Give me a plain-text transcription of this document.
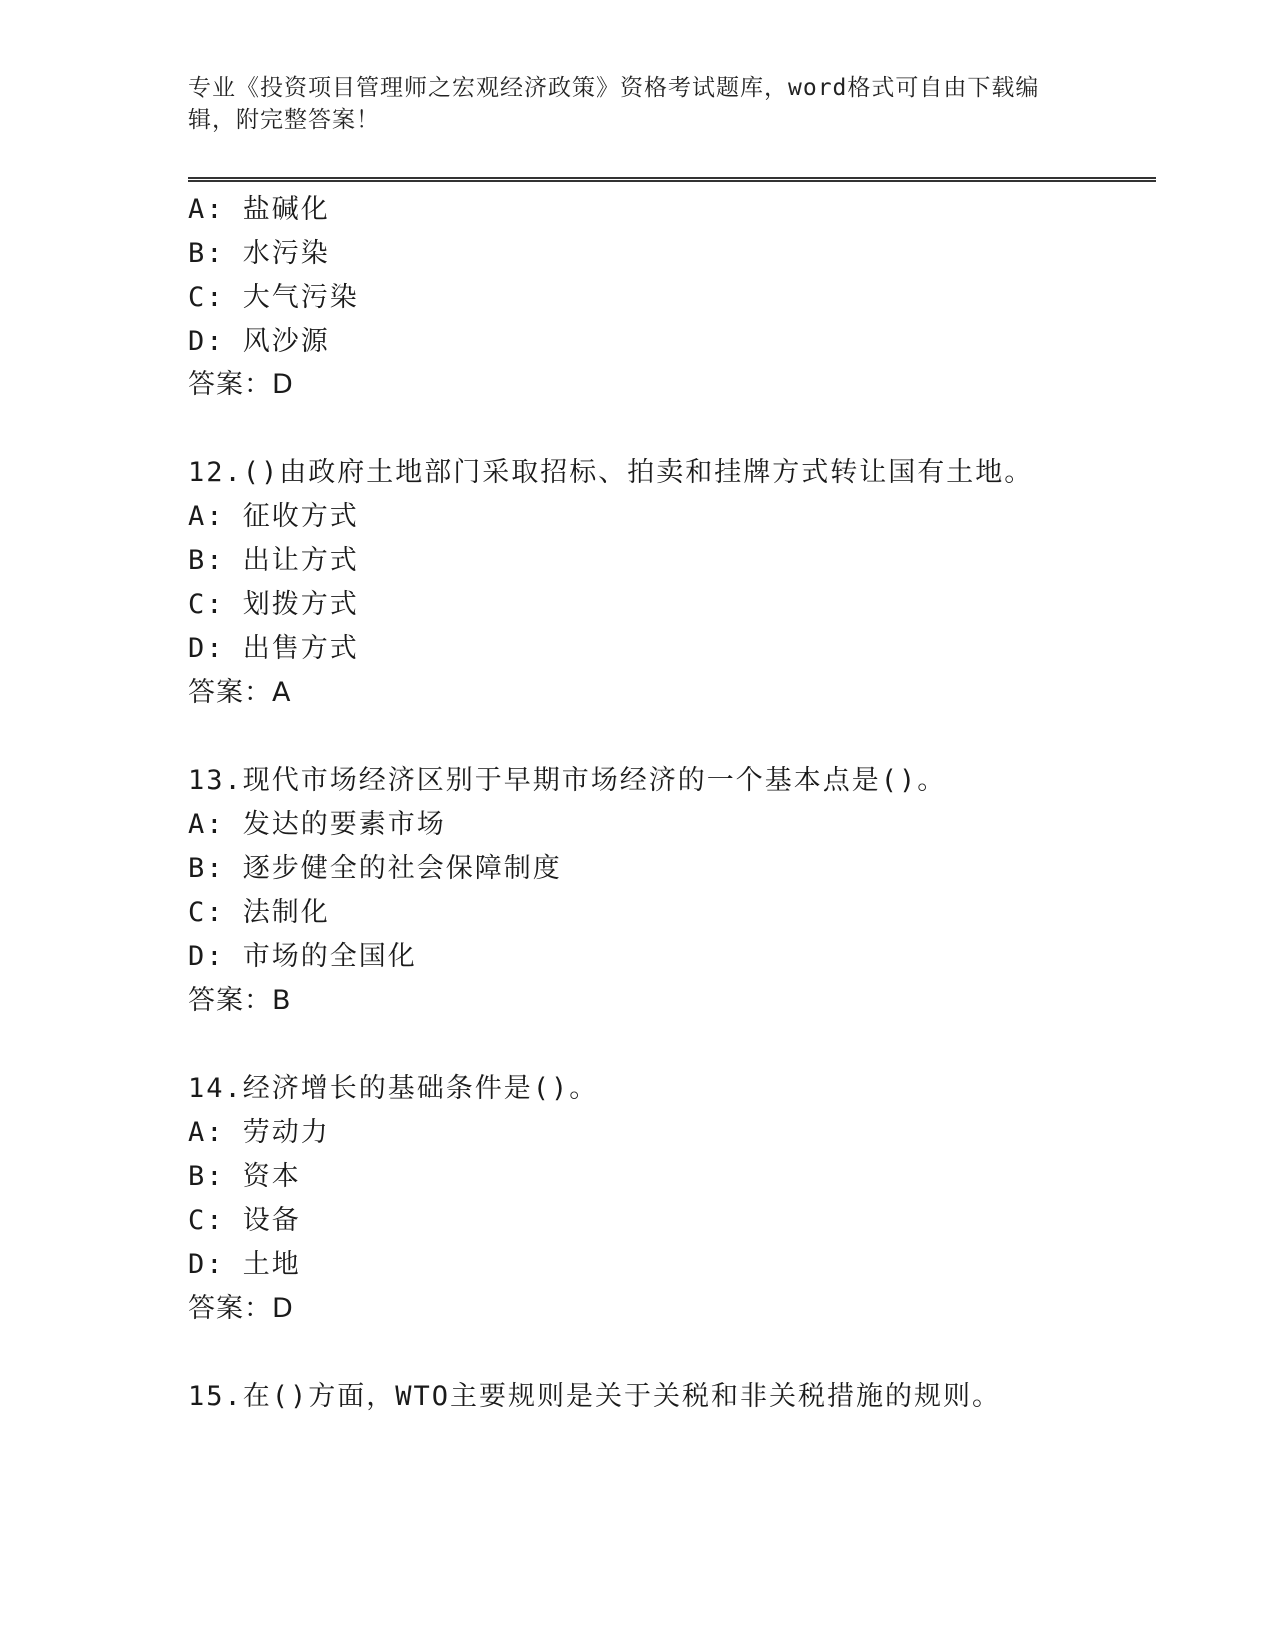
专业《投资项目管理师之宏观经济政策》资格考试题库，word格式可自由下载编辑，附完整答案！
A: 盐碱化
B: 水污染
C: 大气污染
D: 风沙源
答案：D
12.()由政府土地部门采取招标、拍卖和挂牌方式转让国有土地。
A: 征收方式
B: 出让方式
C: 划拨方式
D: 出售方式
答案：A
13.现代市场经济区别于早期市场经济的一个基本点是()。
A: 发达的要素市场
B: 逐步健全的社会保障制度
C: 法制化
D: 市场的全国化
答案：B
14.经济增长的基础条件是()。
A: 劳动力
B: 资本
C: 设备
D: 土地
答案：D
15.在()方面，WTO主要规则是关于关税和非关税措施的规则。
